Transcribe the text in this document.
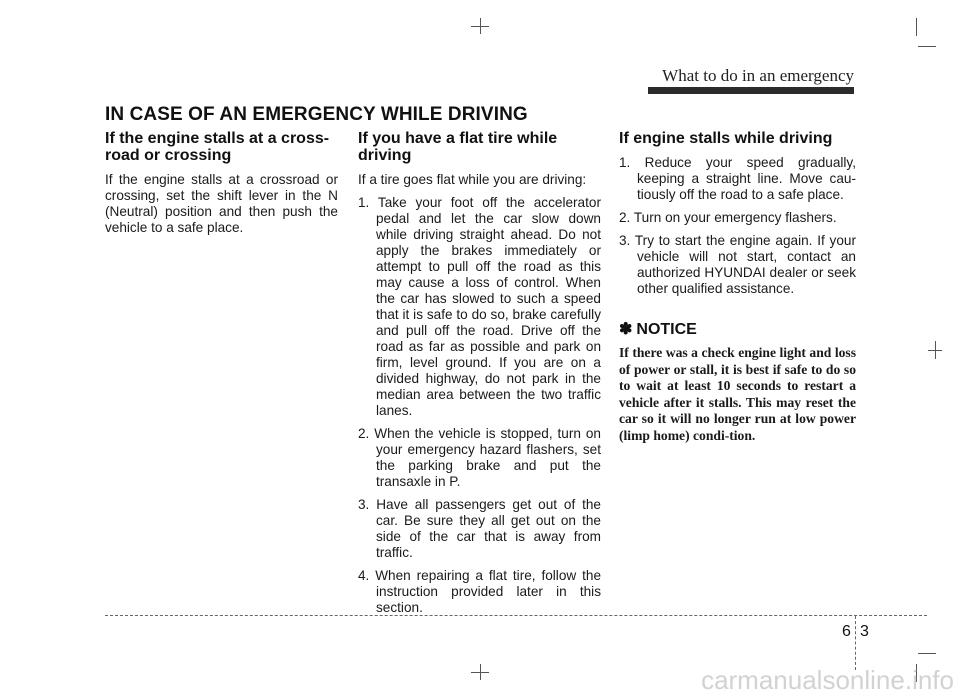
What to do in an emergency
IN CASE OF AN EMERGENCY WHILE DRIVING
If the engine stalls at a cross-road or crossing

If the engine stalls at a crossroad or crossing, set the shift lever in the N (Neutral) position and then push the vehicle to a safe place.

If you have a flat tire while driving

If a tire goes flat while you are driving:

1. Take your foot off the accelerator pedal and let the car slow down while driving straight ahead. Do not apply the brakes immediately or attempt to pull off the road as this may cause a loss of control. When the car has slowed to such a speed that it is safe to do so, brake carefully and pull off the road. Drive off the road as far as possible and park on firm, level ground. If you are on a divided highway, do not park in the median area between the two traffic lanes.
2. When the vehicle is stopped, turn on your emergency hazard flashers, set the parking brake and put the transaxle in P.
3. Have all passengers get out of the car. Be sure they all get out on the side of the car that is away from traffic.
4. When repairing a flat tire, follow the instruction provided later in this section.
If engine stalls while driving
1. Reduce your speed gradually, keeping a straight line. Move cau-tiously off the road to a safe place.
2. Turn on your emergency flashers.
3. Try to start the engine again. If your vehicle will not start, contact an authorized HYUNDAI dealer or seek other qualified assistance.
✽ NOTICE

If there was a check engine light and loss of power or stall, it is best if safe to do so to wait at least 10 seconds to restart a vehicle after it stalls. This may reset the car so it will no longer run at low power (limp home) condi-tion.

6 3
carmanualsonline.info
